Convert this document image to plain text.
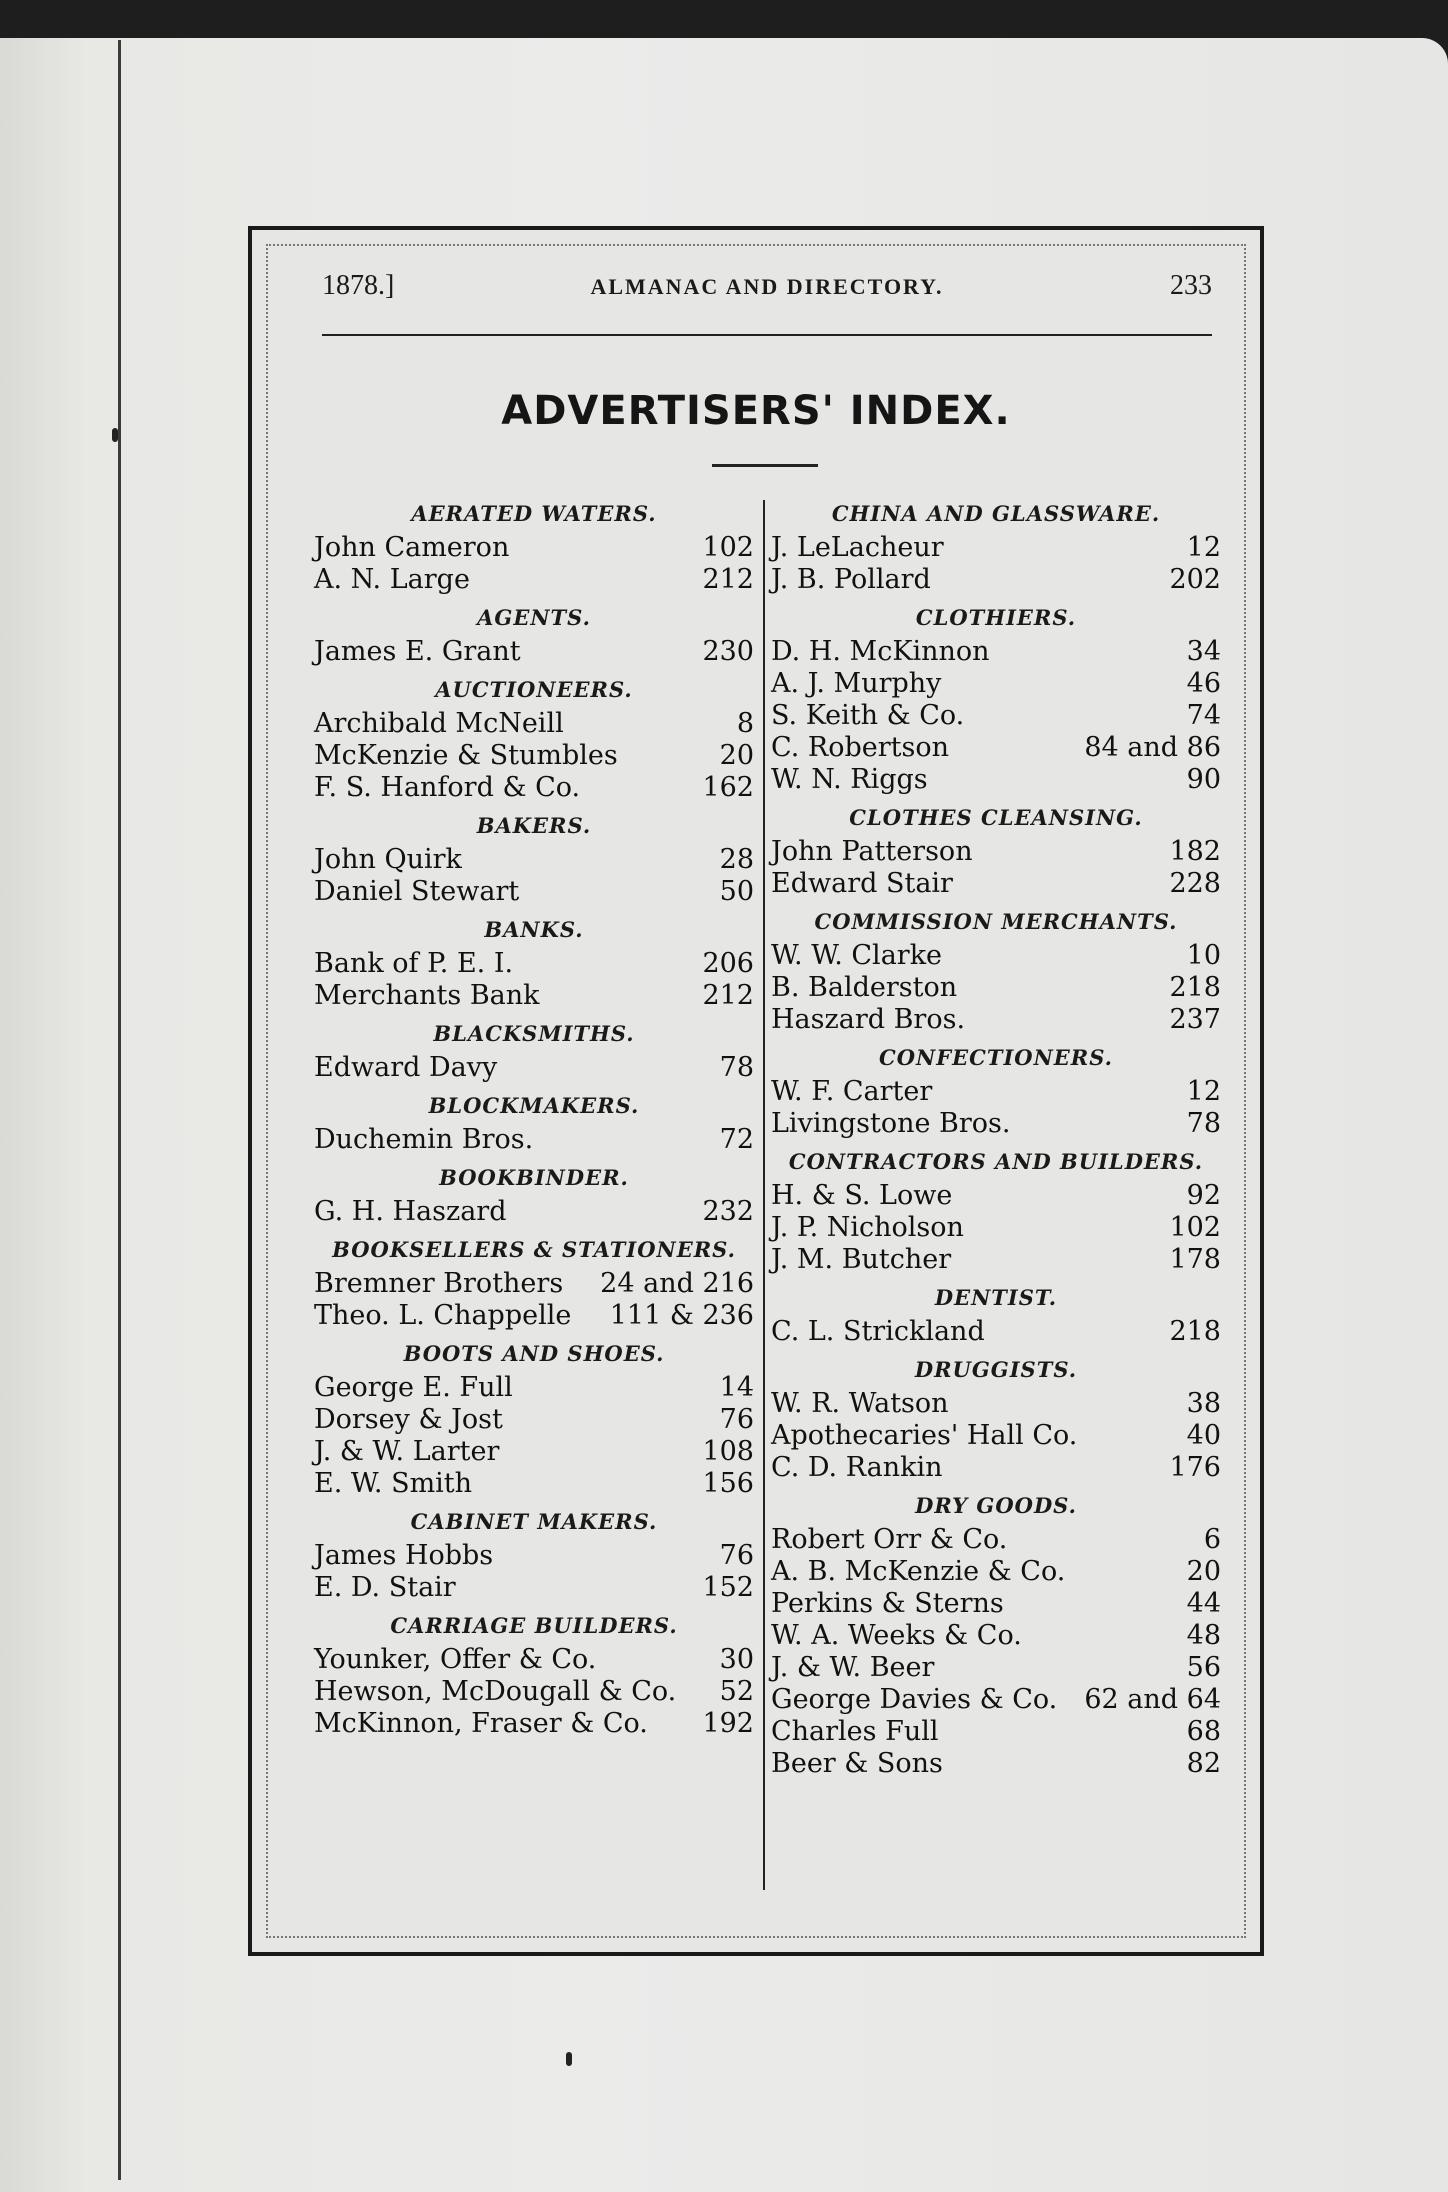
1878.]	ALMANAC AND DIRECTORY.	233
ADVERTISERS' INDEX.
AERATED WATERS.
John Cameron	102
A. N. Large	212
AGENTS.
James E. Grant	230
AUCTIONEERS.
Archibald McNeill	8
McKenzie & Stumbles	20
F. S. Hanford & Co.	162
BAKERS.
John Quirk	28
Daniel Stewart	50
BANKS.
Bank of P. E. I.	206
Merchants Bank	212
BLACKSMITHS.
Edward Davy	78
BLOCKMAKERS.
Duchemin Bros.	72
BOOKBINDER.
G. H. Haszard	232
BOOKSELLERS & STATIONERS.
Bremner Brothers 24 and 216
Theo. L. Chappelle 111 & 236
BOOTS AND SHOES.
George E. Full	14
Dorsey & Jost	76
J. & W. Larter	108
E. W. Smith	156
CABINET MAKERS.
James Hobbs	76
E. D. Stair	152
CARRIAGE BUILDERS.
Younker, Offer & Co.	30
Hewson, McDougall & Co. 52
McKinnon, Fraser & Co. 192
CHINA AND GLASSWARE.
J. LeLacheur	12
J. B. Pollard	202
CLOTHIERS.
D. H. McKinnon	34
A. J. Murphy	46
S. Keith & Co.	74
C. Robertson	84 and 86
W. N. Riggs	90
CLOTHES CLEANSING.
John Patterson	182
Edward Stair	228
COMMISSION MERCHANTS.
W. W. Clarke	10
B. Balderston	218
Haszard Bros.	237
CONFECTIONERS.
W. F. Carter	12
Livingstone Bros.	78
CONTRACTORS AND BUILDERS.
H. & S. Lowe	92
J. P. Nicholson	102
J. M. Butcher	178
DENTIST.
C. L. Strickland	218
DRUGGISTS.
W. R. Watson	38
Apothecaries' Hall Co.	40
C. D. Rankin	176
DRY GOODS.
Robert Orr & Co.	6
A. B. McKenzie & Co.	20
Perkins & Sterns	44
W. A. Weeks & Co.	48
J. & W. Beer	56
George Davies & Co. 62 and 64
Charles Full	68
Beer & Sons	82
